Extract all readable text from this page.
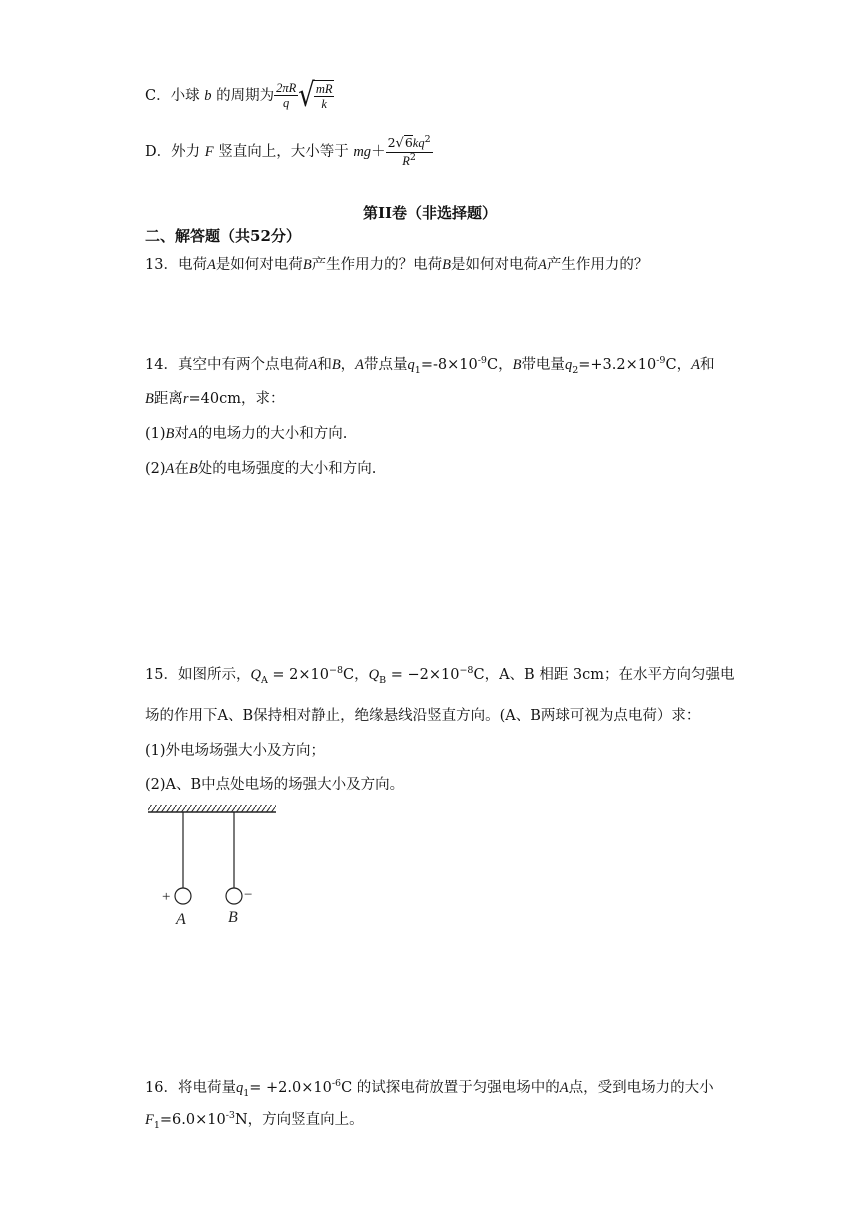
C．小球 b 的周期为 $\frac{2\pi R}{q}$ √ $\frac{mR}{k}$
D．外力 F 竖直向上，大小等于 $mg+ \frac{2√6kq^2}{R^2}$
第II卷（非选择题）
二、解答题（共52分）
13．电荷A是如何对电荷B产生作用力的？电荷B是如何对电荷A产生作用力的？
14．真空中有两个点电荷A和B，A带点量$q_1=-8\times 10^{-9}C$，B带电量$q_2=+3.2\times 10^{-9}C$，A和
B距离r=40cm，求：
(1)B对A的电场力的大小和方向.
(2)A在B处的电场强度的大小和方向.
15．如图所示，$Q_A = 2\times 10^{-8}C$，$Q_B = -2\times 10^{-8}C$，A、B 相距 3cm；在水平方向匀强电
场的作用下A、B保持相对静止，绝缘悬线沿竖直方向。(A、B两球可视为点电荷）求：
(1)外电场场强大小及方向；
(2)A、B中点处电场的场强大小及方向。
+	−
A	B
16．将电荷量$q_1= +2.0\times 10^{-6}C$ 的试探电荷放置于匀强电场中的A点，受到电场力的大小
$F_1=6.0\times 10^{-3}N$，方向竖直向上。
